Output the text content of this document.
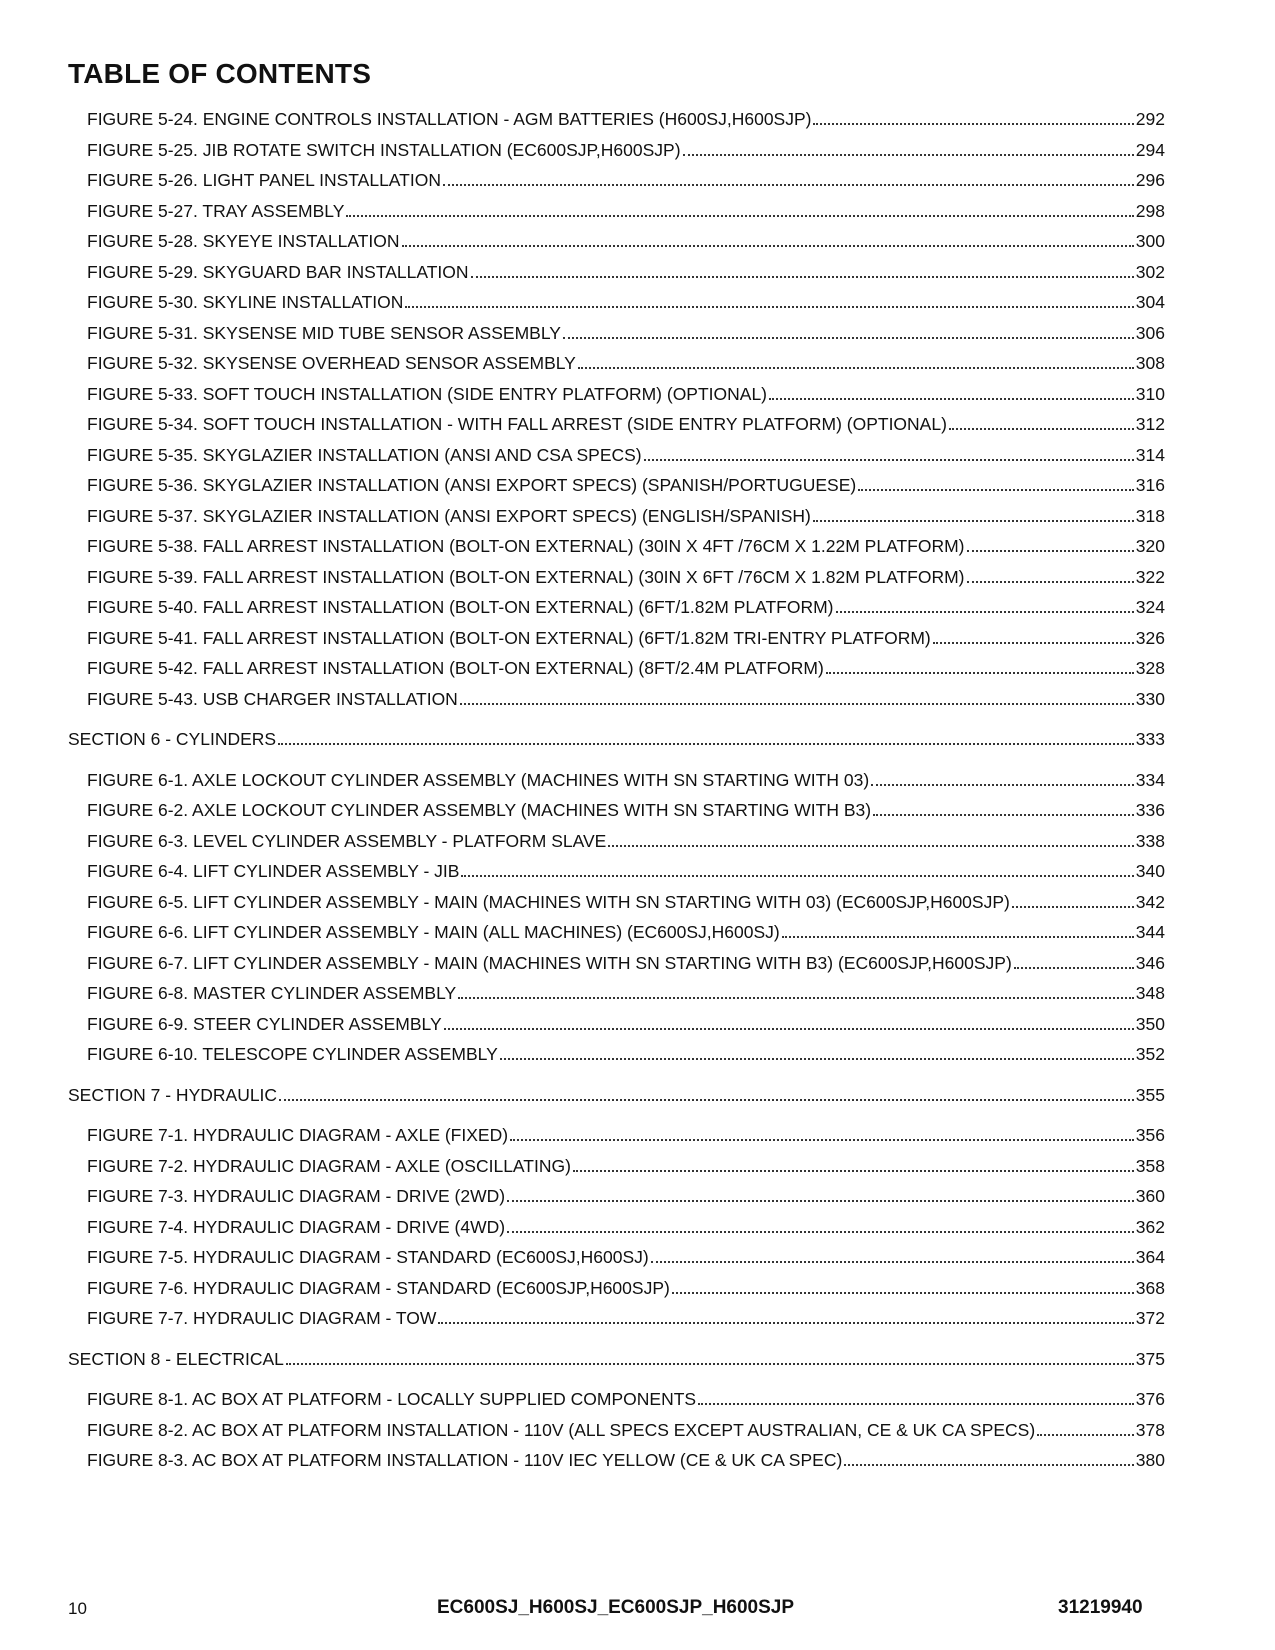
TABLE OF CONTENTS
FIGURE 5-24. ENGINE CONTROLS INSTALLATION - AGM BATTERIES (H600SJ,H600SJP)	292
FIGURE 5-25. JIB ROTATE SWITCH INSTALLATION (EC600SJP,H600SJP)	294
FIGURE 5-26. LIGHT PANEL INSTALLATION	296
FIGURE 5-27. TRAY ASSEMBLY	298
FIGURE 5-28. SKYEYE INSTALLATION	300
FIGURE 5-29. SKYGUARD BAR INSTALLATION	302
FIGURE 5-30. SKYLINE INSTALLATION	304
FIGURE 5-31. SKYSENSE MID TUBE SENSOR ASSEMBLY	306
FIGURE 5-32. SKYSENSE OVERHEAD SENSOR ASSEMBLY	308
FIGURE 5-33. SOFT TOUCH INSTALLATION (SIDE ENTRY PLATFORM) (OPTIONAL)	310
FIGURE 5-34. SOFT TOUCH INSTALLATION - WITH FALL ARREST (SIDE ENTRY PLATFORM) (OPTIONAL)	312
FIGURE 5-35. SKYGLAZIER INSTALLATION (ANSI AND CSA SPECS)	314
FIGURE 5-36. SKYGLAZIER INSTALLATION (ANSI EXPORT SPECS) (SPANISH/PORTUGUESE)	316
FIGURE 5-37. SKYGLAZIER INSTALLATION (ANSI EXPORT SPECS) (ENGLISH/SPANISH)	318
FIGURE 5-38. FALL ARREST INSTALLATION (BOLT-ON EXTERNAL) (30IN X 4FT /76CM X 1.22M PLATFORM)	320
FIGURE 5-39. FALL ARREST INSTALLATION (BOLT-ON EXTERNAL) (30IN X 6FT /76CM X 1.82M PLATFORM)	322
FIGURE 5-40. FALL ARREST INSTALLATION (BOLT-ON EXTERNAL) (6FT/1.82M PLATFORM)	324
FIGURE 5-41. FALL ARREST INSTALLATION (BOLT-ON EXTERNAL) (6FT/1.82M TRI-ENTRY PLATFORM)	326
FIGURE 5-42. FALL ARREST INSTALLATION (BOLT-ON EXTERNAL) (8FT/2.4M PLATFORM)	328
FIGURE 5-43. USB CHARGER INSTALLATION	330
SECTION 6 - CYLINDERS	333
FIGURE 6-1. AXLE LOCKOUT CYLINDER ASSEMBLY (MACHINES WITH SN STARTING WITH 03)	334
FIGURE 6-2. AXLE LOCKOUT CYLINDER ASSEMBLY (MACHINES WITH SN STARTING WITH B3)	336
FIGURE 6-3. LEVEL CYLINDER ASSEMBLY - PLATFORM SLAVE	338
FIGURE 6-4. LIFT CYLINDER ASSEMBLY - JIB	340
FIGURE 6-5. LIFT CYLINDER ASSEMBLY - MAIN (MACHINES WITH SN STARTING WITH 03) (EC600SJP,H600SJP)	342
FIGURE 6-6. LIFT CYLINDER ASSEMBLY - MAIN (ALL MACHINES) (EC600SJ,H600SJ)	344
FIGURE 6-7. LIFT CYLINDER ASSEMBLY - MAIN (MACHINES WITH SN STARTING WITH B3) (EC600SJP,H600SJP)	346
FIGURE 6-8. MASTER CYLINDER ASSEMBLY	348
FIGURE 6-9. STEER CYLINDER ASSEMBLY	350
FIGURE 6-10. TELESCOPE CYLINDER ASSEMBLY	352
SECTION 7 - HYDRAULIC	355
FIGURE 7-1. HYDRAULIC DIAGRAM - AXLE (FIXED)	356
FIGURE 7-2. HYDRAULIC DIAGRAM - AXLE (OSCILLATING)	358
FIGURE 7-3. HYDRAULIC DIAGRAM - DRIVE (2WD)	360
FIGURE 7-4. HYDRAULIC DIAGRAM - DRIVE (4WD)	362
FIGURE 7-5. HYDRAULIC DIAGRAM - STANDARD (EC600SJ,H600SJ)	364
FIGURE 7-6. HYDRAULIC DIAGRAM - STANDARD (EC600SJP,H600SJP)	368
FIGURE 7-7. HYDRAULIC DIAGRAM - TOW	372
SECTION 8 - ELECTRICAL	375
FIGURE 8-1. AC BOX AT PLATFORM - LOCALLY SUPPLIED COMPONENTS	376
FIGURE 8-2. AC BOX AT PLATFORM INSTALLATION - 110V (ALL SPECS EXCEPT AUSTRALIAN, CE & UK CA SPECS)	378
FIGURE 8-3. AC BOX AT PLATFORM INSTALLATION - 110V IEC YELLOW (CE & UK CA SPEC)	380
10	EC600SJ_H600SJ_EC600SJP_H600SJP	31219940
